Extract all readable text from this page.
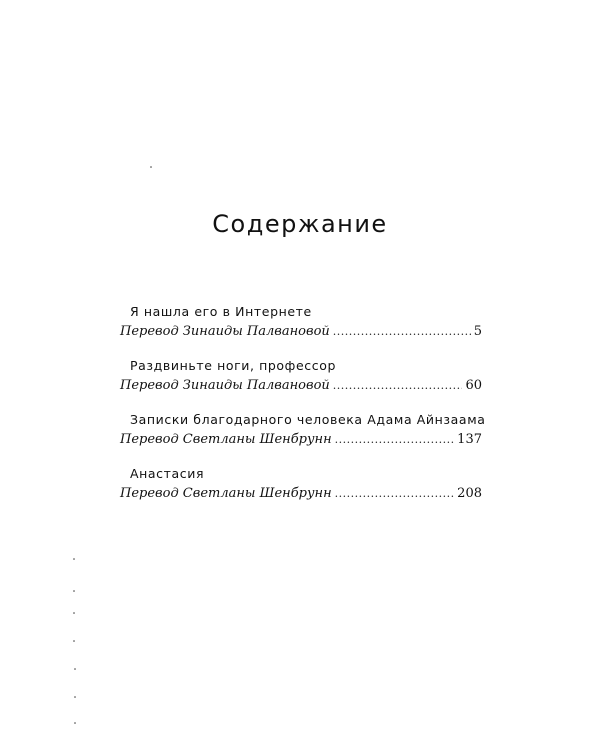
Содержание
Я нашла его в Интернете
Перевод Зинаиды Палвановой .....	5
Раздвиньте ноги, профессор
Перевод Зинаиды Палвановой .....	60
Записки благодарного человека Адама Айнзаама
Перевод Светланы Шенбрунн .....	137
Анастасия
Перевод Светланы Шенбрунн .....	208
